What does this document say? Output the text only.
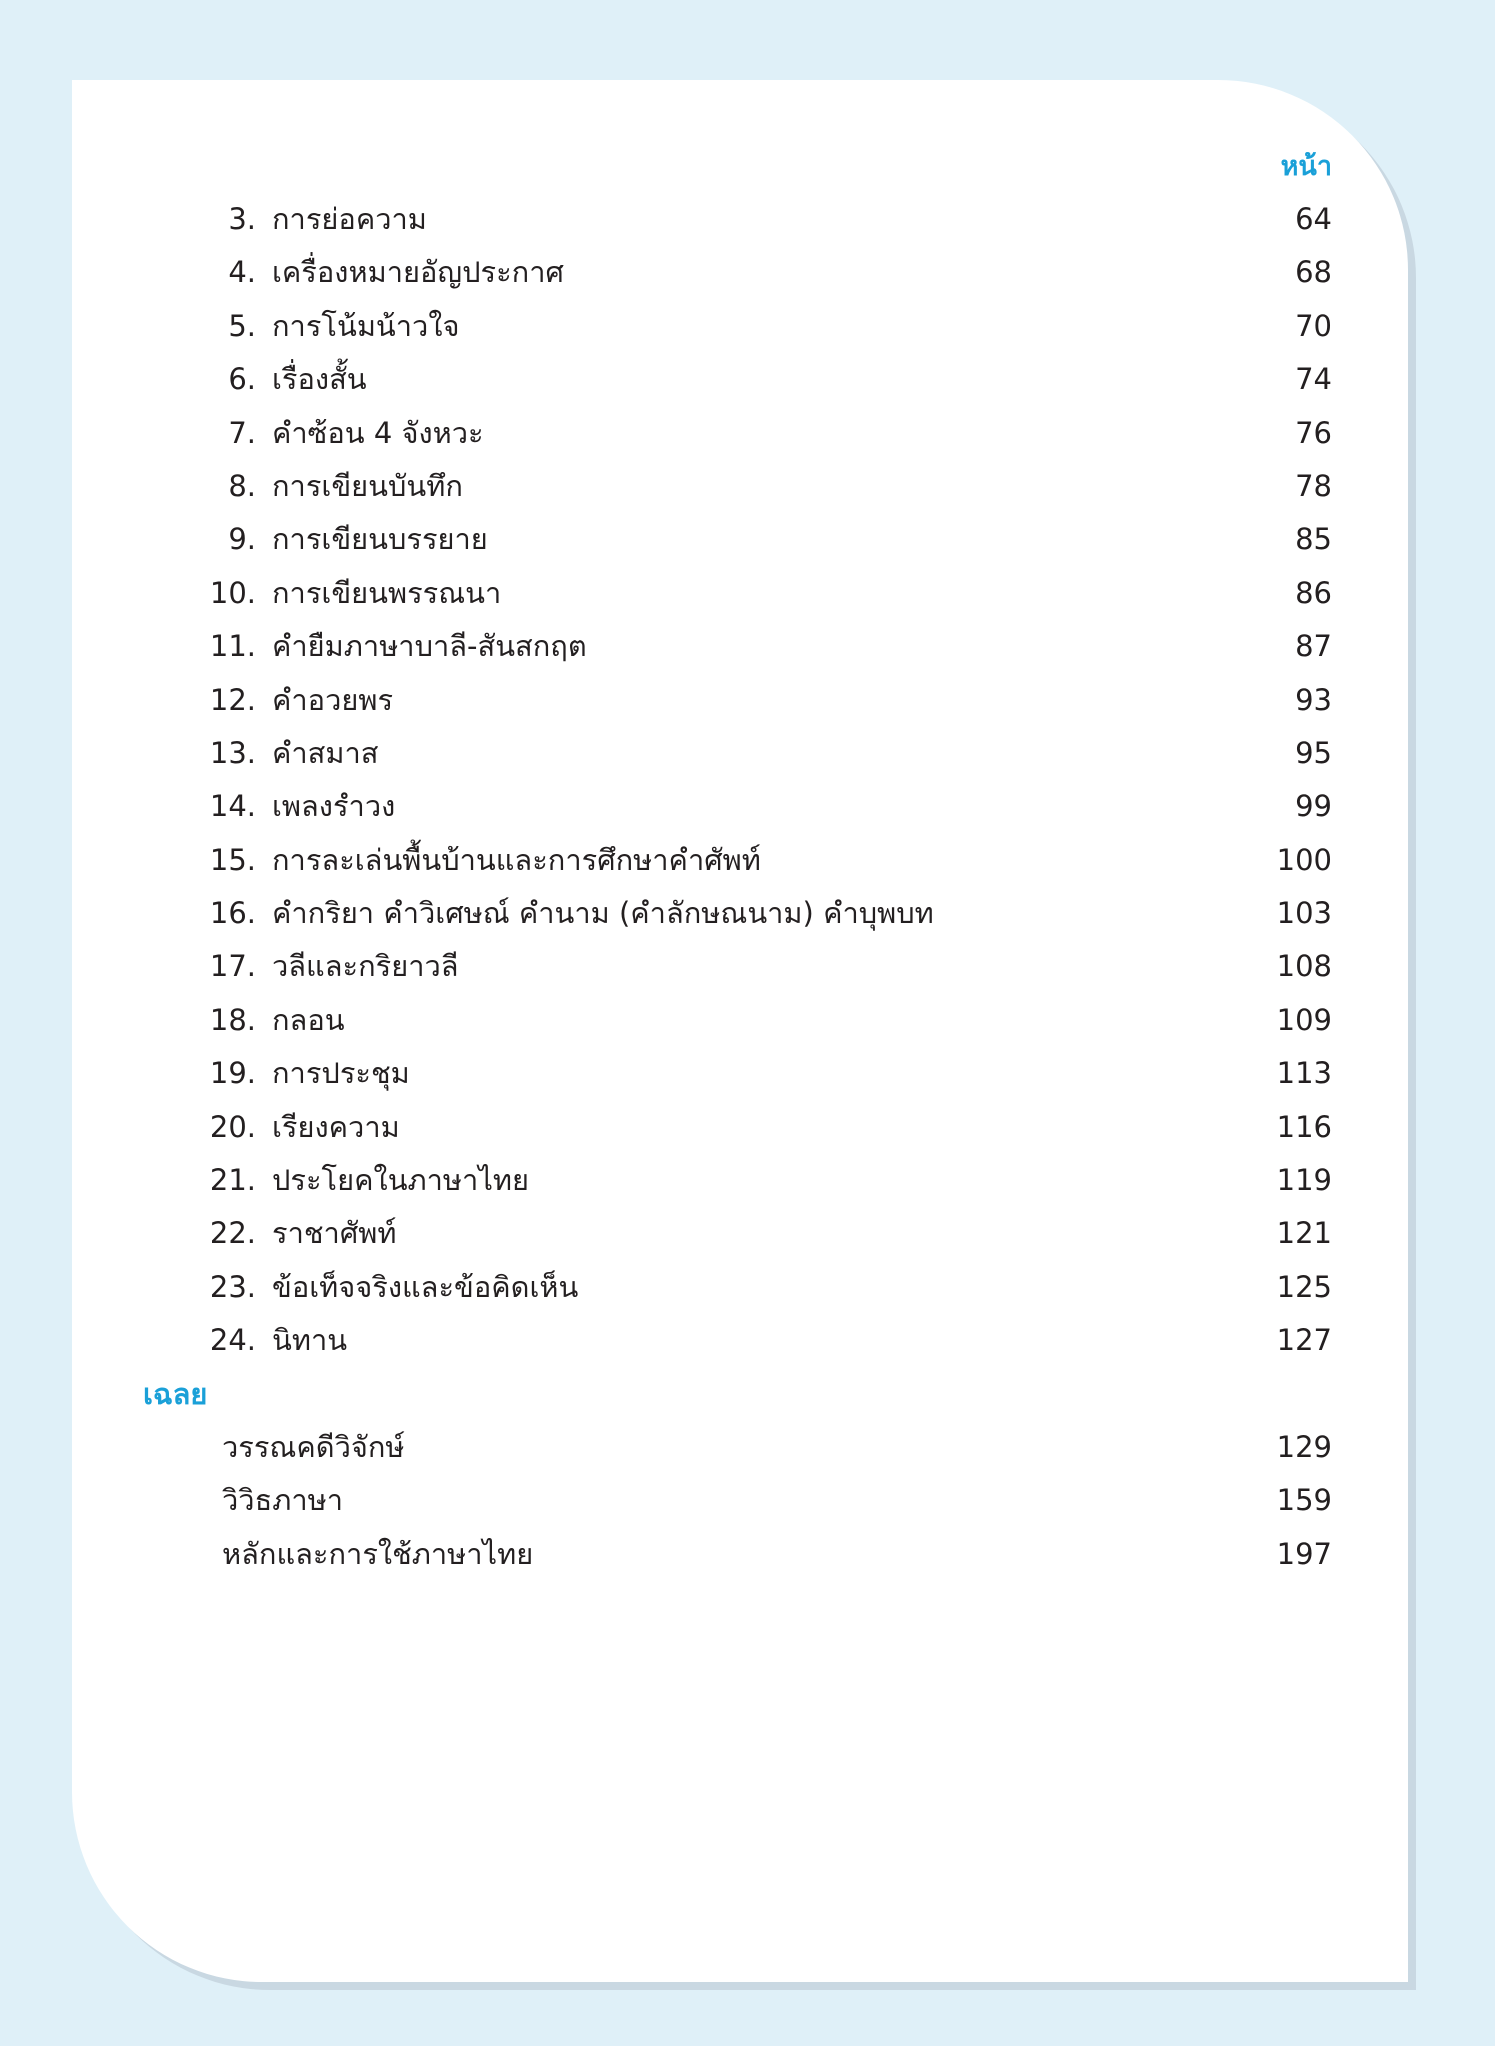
หน้า
3. การย่อความ	64
4. เครื่องหมายอัญประกาศ	68
5. การโน้มน้าวใจ	70
6. เรื่องสั้น	74
7. คำซ้อน 4 จังหวะ	76
8. การเขียนบันทึก	78
9. การเขียนบรรยาย	85
10. การเขียนพรรณนา	86
11. คำยืมภาษาบาลี-สันสกฤต	87
12. คำอวยพร	93
13. คำสมาส	95
14. เพลงรำวง	99
15. การละเล่นพื้นบ้านและการศึกษาคำศัพท์	100
16. คำกริยา คำวิเศษณ์ คำนาม (คำลักษณนาม) คำบุพบท	103
17. วลีและกริยาวลี	108
18. กลอน	109
19. การประชุม	113
20. เรียงความ	116
21. ประโยคในภาษาไทย	119
22. ราชาศัพท์	121
23. ข้อเท็จจริงและข้อคิดเห็น	125
24. นิทาน	127
เฉลย
วรรณคดีวิจักษ์	129
วิวิธภาษา	159
หลักและการใช้ภาษาไทย	197
